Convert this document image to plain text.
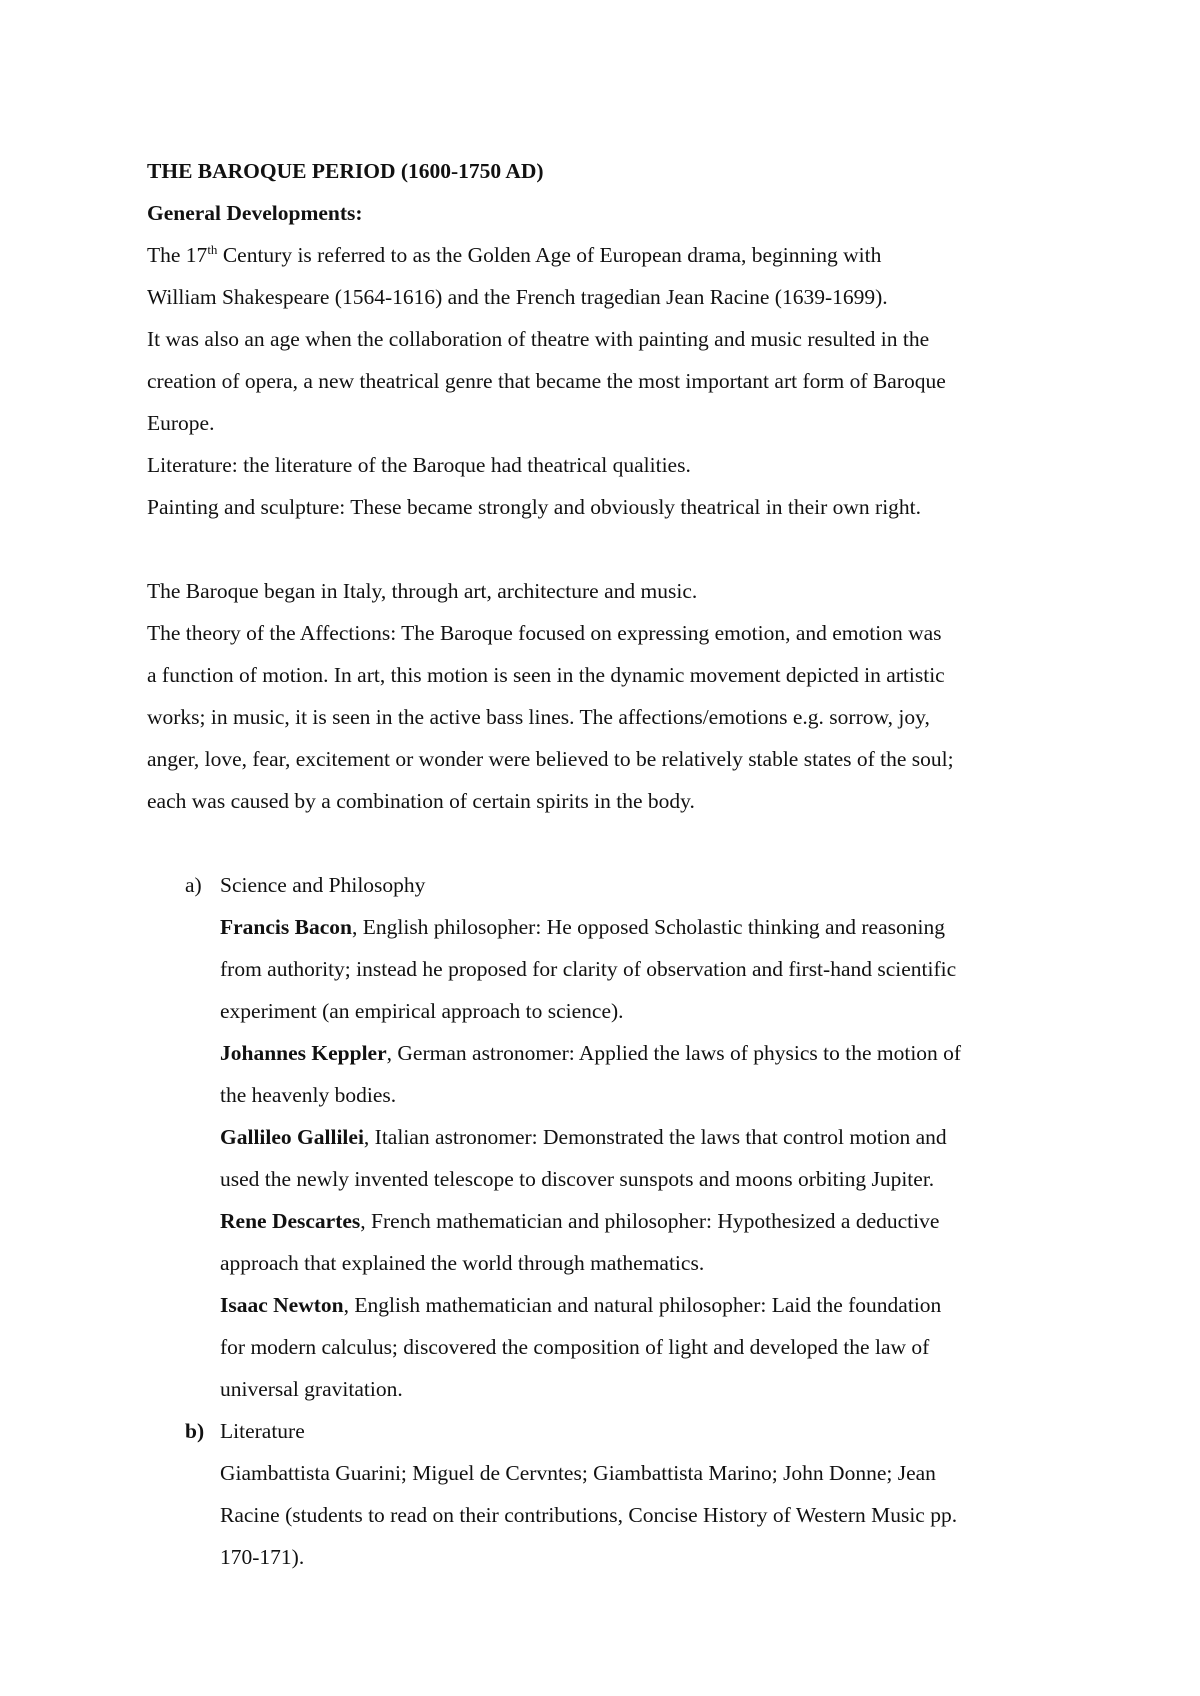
THE BAROQUE PERIOD (1600-1750 AD)

General Developments:

The 17th Century is referred to as the Golden Age of European drama, beginning with

William Shakespeare (1564-1616) and the French tragedian Jean Racine (1639-1699).

It was also an age when the collaboration of theatre with painting and music resulted in the

creation of opera, a new theatrical genre that became the most important art form of Baroque

Europe.

Literature: the literature of the Baroque had theatrical qualities.

Painting and sculpture: These became strongly and obviously theatrical in their own right.

The Baroque began in Italy, through art, architecture and music.

The theory of the Affections: The Baroque focused on expressing emotion, and emotion was

a function of motion. In art, this motion is seen in the dynamic movement depicted in artistic

works; in music, it is seen in the active bass lines. The affections/emotions e.g. sorrow, joy,

anger, love, fear, excitement or wonder were believed to be relatively stable states of the soul;

each was caused by a combination of certain spirits in the body.

a) Science and Philosophy

Francis Bacon, English philosopher: He opposed Scholastic thinking and reasoning

from authority; instead he proposed for clarity of observation and first-hand scientific

experiment (an empirical approach to science).

Johannes Keppler, German astronomer: Applied the laws of physics to the motion of

the heavenly bodies.

Gallileo Gallilei, Italian astronomer: Demonstrated the laws that control motion and

used the newly invented telescope to discover sunspots and moons orbiting Jupiter.

Rene Descartes, French mathematician and philosopher: Hypothesized a deductive

approach that explained the world through mathematics.

Isaac Newton, English mathematician and natural philosopher: Laid the foundation

for modern calculus; discovered the composition of light and developed the law of

universal gravitation.

b) Literature

Giambattista Guarini; Miguel de Cervntes; Giambattista Marino; John Donne; Jean

Racine (students to read on their contributions, Concise History of Western Music pp.

170-171).
